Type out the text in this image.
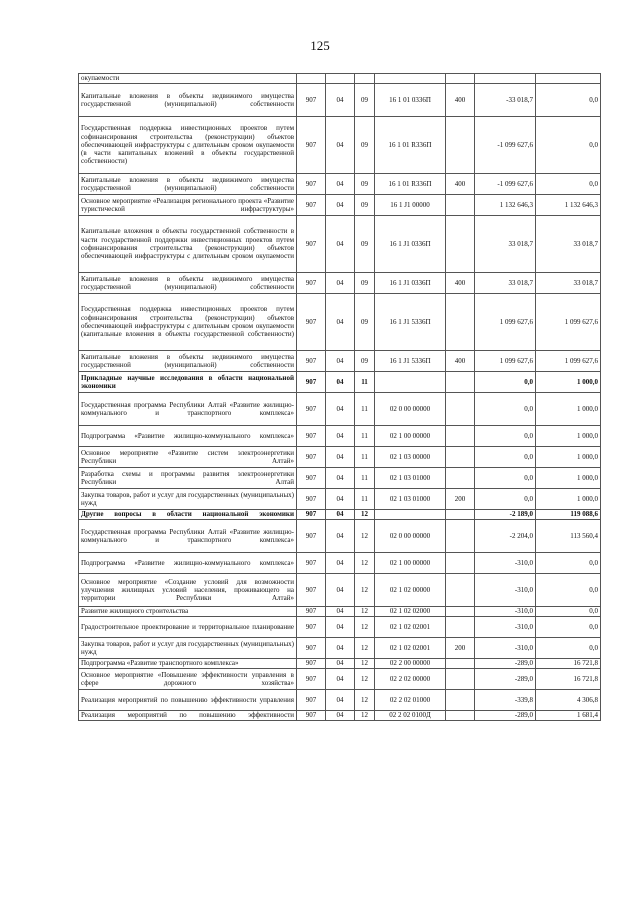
125
окупаемости							
Капитальные вложения в объекты недвижимого имущества государственной (муниципальной) собственности	907	04	09	16 1 01 0336П	400	-33 018,7	0,0
Государственная поддержка инвестиционных проектов путем софинансирования строительства (реконструкции) объектов обеспечивающей инфраструктуры с длительным сроком окупаемости (в части капитальных вложений в объекты государственной собственности)	907	04	09	16 1 01 R336П		-1 099 627,6	0,0
Капитальные вложения в объекты недвижимого имущества государственной (муниципальной) собственности	907	04	09	16 1 01 R336П	400	-1 099 627,6	0,0
Основное мероприятие «Реализация регионального проекта «Развитие туристической инфраструктуры»	907	04	09	16 1 J1 00000		1 132 646,3	1 132 646,3
Капитальные вложения в объекты государственной собственности в части государственной поддержки инвестиционных проектов путем софинансирования строительства (реконструкции) объектов обеспечивающей инфраструктуры с длительным сроком окупаемости	907	04	09	16 1 J1 0336П		33 018,7	33 018,7
Капитальные вложения в объекты недвижимого имущества государственной (муниципальной) собственности	907	04	09	16 1 J1 0336П	400	33 018,7	33 018,7
Государственная поддержка инвестиционных проектов путем софинансирования строительства (реконструкции) объектов обеспечивающей инфраструктуры с длительным сроком окупаемости (капитальные вложения в объекты государственной собственности)	907	04	09	16 1 J1 5336П		1 099 627,6	1 099 627,6
Капитальные вложения в объекты недвижимого имущества государственной (муниципальной) собственности	907	04	09	16 1 J1 5336П	400	1 099 627,6	1 099 627,6
Прикладные научные исследования в области национальной экономики	907	04	11			0,0	1 000,0
Государственная программа Республики Алтай «Развитие жилищно-коммунального и транспортного комплекса»	907	04	11	02 0 00 00000		0,0	1 000,0
Подпрограмма «Развитие жилищно-коммунального комплекса»	907	04	11	02 1 00 00000		0,0	1 000,0
Основное мероприятие «Развитие систем электроэнергетики Республики Алтай»	907	04	11	02 1 03 00000		0,0	1 000,0
Разработка схемы и программы развития электроэнергетики Республики Алтай	907	04	11	02 1 03 01000		0,0	1 000,0
Закупка товаров, работ и услуг для государственных (муниципальных) нужд	907	04	11	02 1 03 01000	200	0,0	1 000,0
Другие вопросы в области национальной экономики	907	04	12			-2 189,0	119 088,6
Государственная программа Республики Алтай «Развитие жилищно-коммунального и транспортного комплекса»	907	04	12	02 0 00 00000		-2 204,0	113 560,4
Подпрограмма «Развитие жилищно-коммунального комплекса»	907	04	12	02 1 00 00000		-310,0	0,0
Основное мероприятие «Создание условий для возможности улучшения жилищных условий населения, проживающего на территории Республики Алтай»	907	04	12	02 1 02 00000		-310,0	0,0
Развитие жилищного строительства	907	04	12	02 1 02 02000		-310,0	0,0
Градостроительное проектирование и территориальное планирование	907	04	12	02 1 02 02001		-310,0	0,0
Закупка товаров, работ и услуг для государственных (муниципальных) нужд	907	04	12	02 1 02 02001	200	-310,0	0,0
Подпрограмма «Развитие транспортного комплекса»	907	04	12	02 2 00 00000		-289,0	16 721,8
Основное мероприятие «Повышение эффективности управления в сфере дорожного хозяйства»	907	04	12	02 2 02 00000		-289,0	16 721,8
Реализация мероприятий по повышению эффективности управления	907	04	12	02 2 02 01000		-339,8	4 306,8
Реализация мероприятий по повышению эффективности	907	04	12	02 2 02 0100Д		-289,0	1 681,4
